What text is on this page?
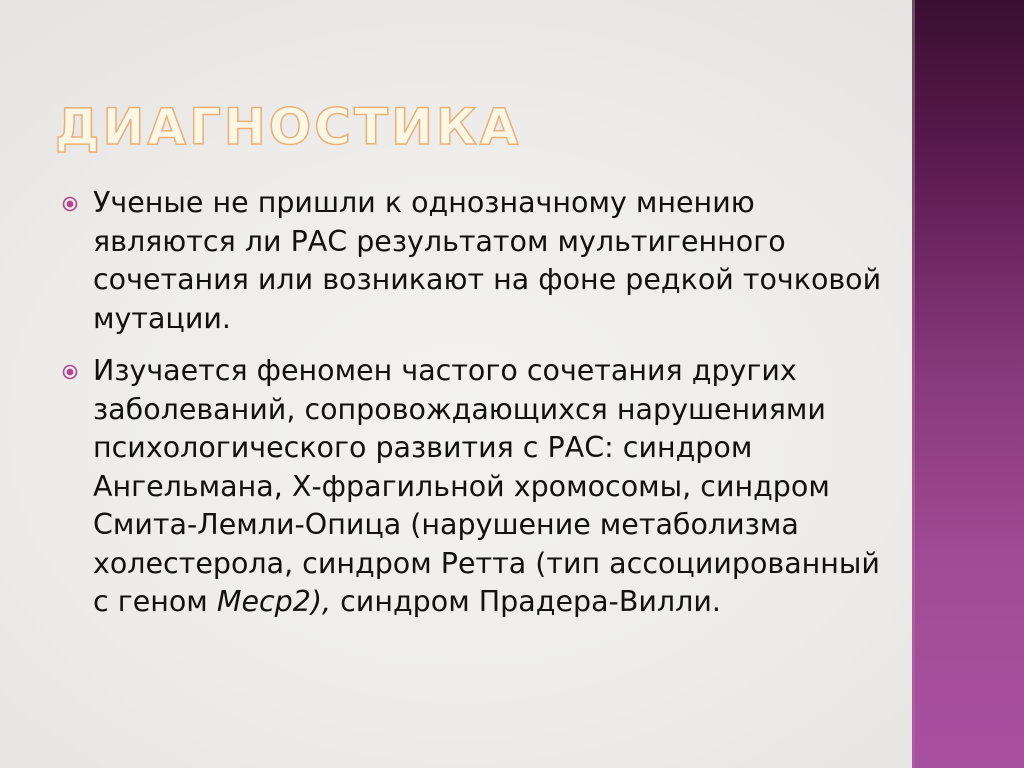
ДИАГНОСТИКА
Ученые не пришли к однозначному мнению являются ли РАС результатом мультигенного сочетания или возникают на фоне редкой точковой мутации.
Изучается феномен частого сочетания других заболеваний, сопровождающихся нарушениями психологического развития с РАС: синдром Ангельмана, Х-фрагильной хромосомы, синдром Смита-Лемли-Опица (нарушение метаболизма холестерола, синдром Ретта (тип ассоциированный с геном Mecp2), синдром Прадера-Вилли.
